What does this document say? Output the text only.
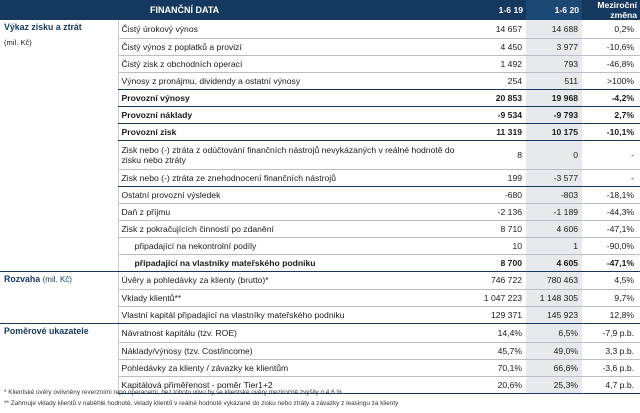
FINANČNÍ DATA		1-6 19	1-6 20	Meziroční změna
Výkaz zisku a ztrát	Čistý úrokový výnos	14 657	14 688	0,2%
(mil. Kč)	Čistý výnos z poplatků a provizí	4 450	3 977	-10,6%
	Čistý zisk z obchodních operací	1 492	793	-46,8%
	Výnosy z pronájmu, dividendy a ostatní výnosy	254	511	>100%
	Provozní výnosy	20 853	19 968	-4,2%
	Provozní náklady	-9 534	-9 793	2,7%
	Provozní zisk	11 319	10 175	-10,1%
	Zisk nebo (-) ztráta z odúčtování finančních nástrojů nevykázaných v reálné hodnotě do zisku nebo ztráty	8	0	-
	Zisk nebo (-) ztráta ze znehodnocení finančních nástrojů	199	-3 577	-
	Ostatní provozní výsledek	-680	-803	-18,1%
	Daň z příjmu	-2 136	-1 189	-44,3%
	Zisk z pokračujících činností po zdanění	8 710	4 606	-47,1%
	připadající na nekontrolní podíly	10	1	-90,0%
	připadající na vlastníky mateřského podniku	8 700	4 605	-47,1%
Rozvaha (mil. Kč)	Úvěry a pohledávky za klienty (brutto)*	746 722	780 463	4,5%
	Vklady klientů**	1 047 223	1 148 305	9,7%
	Vlastní kapitál připadající na vlastníky mateřského podniku	129 371	145 923	12,8%
Poměrové ukazatele	Návratnost kapitálu (tzv. ROE)	14,4%	6,5%	-7,9 p.b.
	Náklady/výnosy (tzv. Cost/income)	45,7%	49,0%	3,3 p.b.
	Pohledávky za klienty / závazky ke klientům	70,1%	66,6%	-3,6 p.b.
	Kapitálová přiměřenost - poměr Tier1+2	20,6%	25,3%	4,7 p.b.
* Klientské úvěry ovlivněny reverzními repo operacemi, bez tohoto vlivu by se klientské úvěry meziročně zvýšily o 4,6 %
** Zahrnuje vklady klientů v naběhlé hodnotě, vklady klientů v reálné hodnotě vykázané do zisku nebo ztráty a závazky z leasingu za klienty
